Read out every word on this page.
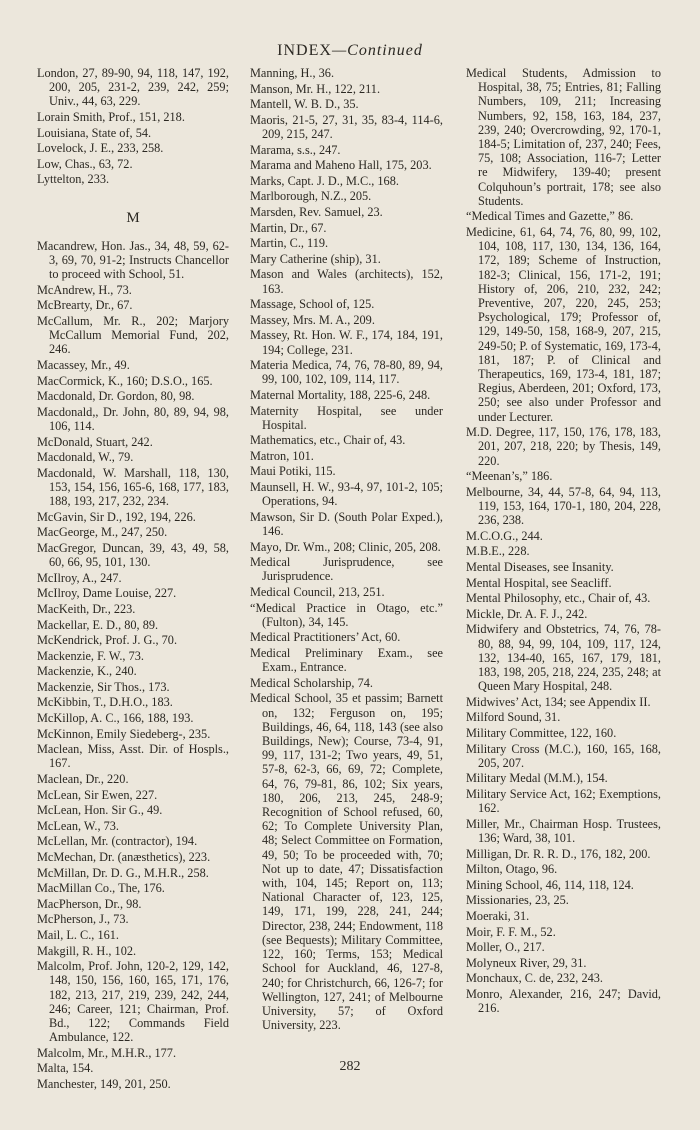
INDEX—Continued

London, 27, 89-90, 94, 118, 147, 192, 200, 205, 231-2, 239, 242, 259; Univ., 44, 63, 229.

Lorain Smith, Prof., 151, 218.

Louisiana, State of, 54.

Lovelock, J. E., 233, 258.

Low, Chas., 63, 72.

Lyttelton, 233.

M

Macandrew, Hon. Jas., 34, 48, 59, 62-3, 69, 70, 91-2; Instructs Chancellor to proceed with School, 51.

McAndrew, H., 73.

McBrearty, Dr., 67.

McCallum, Mr. R., 202; Marjory McCallum Memorial Fund, 202, 246.

Macassey, Mr., 49.

MacCormick, K., 160; D.S.O., 165.

Macdonald, Dr. Gordon, 80, 98.

Macdonald,, Dr. John, 80, 89, 94, 98, 106, 114.

McDonald, Stuart, 242.

Macdonald, W., 79.

Macdonald, W. Marshall, 118, 130, 153, 154, 156, 165-6, 168, 177, 183, 188, 193, 217, 232, 234.

McGavin, Sir D., 192, 194, 226.

MacGeorge, M., 247, 250.

MacGregor, Duncan, 39, 43, 49, 58, 60, 66, 95, 101, 130.

McIlroy, A., 247.

McIlroy, Dame Louise, 227.

MacKeith, Dr., 223.

Mackellar, E. D., 80, 89.

McKendrick, Prof. J. G., 70.

Mackenzie, F. W., 73.

Mackenzie, K., 240.

Mackenzie, Sir Thos., 173.

McKibbin, T., D.H.O., 183.

McKillop, A. C., 166, 188, 193.

McKinnon, Emily Siedeberg-, 235.

Maclean, Miss, Asst. Dir. of Hospls., 167.

Maclean, Dr., 220.

McLean, Sir Ewen, 227.

McLean, Hon. Sir G., 49.

McLean, W., 73.

McLellan, Mr. (contractor), 194.

McMechan, Dr. (anæsthetics), 223.

McMillan, Dr. D. G., M.H.R., 258.

MacMillan Co., The, 176.

MacPherson, Dr., 98.

McPherson, J., 73.

Mail, L. C., 161.

Makgill, R. H., 102.

Malcolm, Prof. John, 120-2, 129, 142, 148, 150, 156, 160, 165, 171, 176, 182, 213, 217, 219, 239, 242, 244, 246; Career, 121; Chairman, Prof. Bd., 122; Commands Field Ambulance, 122.

Malcolm, Mr., M.H.R., 177.

Malta, 154.

Manchester, 149, 201, 250.

Manning, H., 36.

Manson, Mr. H., 122, 211.

Mantell, W. B. D., 35.

Maoris, 21-5, 27, 31, 35, 83-4, 114-6, 209, 215, 247.

Marama, s.s., 247.

Marama and Maheno Hall, 175, 203.

Marks, Capt. J. D., M.C., 168.

Marlborough, N.Z., 205.

Marsden, Rev. Samuel, 23.

Martin, Dr., 67.

Martin, C., 119.

Mary Catherine (ship), 31.

Mason and Wales (architects), 152, 163.

Massage, School of, 125.

Massey, Mrs. M. A., 209.

Massey, Rt. Hon. W. F., 174, 184, 191, 194; College, 231.

Materia Medica, 74, 76, 78-80, 89, 94, 99, 100, 102, 109, 114, 117.

Maternal Mortality, 188, 225-6, 248.

Maternity Hospital, see under Hospital.

Mathematics, etc., Chair of, 43.

Matron, 101.

Maui Potiki, 115.

Maunsell, H. W., 93-4, 97, 101-2, 105; Operations, 94.

Mawson, Sir D. (South Polar Exped.), 146.

Mayo, Dr. Wm., 208; Clinic, 205, 208.

Medical Jurisprudence, see Jurisprudence.

Medical Council, 213, 251.

“Medical Practice in Otago, etc.” (Fulton), 34, 145.

Medical Practitioners’ Act, 60.

Medical Preliminary Exam., see Exam., Entrance.

Medical Scholarship, 74.

Medical School, 35 et passim; Barnett on, 132; Ferguson on, 195; Buildings, 46, 64, 118, 143 (see also Buildings, New); Course, 73-4, 91, 99, 117, 131-2; Two years, 49, 51, 57-8, 62-3, 66, 69, 72; Complete, 64, 76, 79-81, 86, 102; Six years, 180, 206, 213, 245, 248-9; Recognition of School refused, 60, 62; To Complete University Plan, 48; Select Committee on Formation, 49, 50; To be proceeded with, 70; Not up to date, 47; Dissatisfaction with, 104, 145; Report on, 113; National Character of, 123, 125, 149, 171, 199, 228, 241, 244; Director, 238, 244; Endowment, 118 (see Bequests); Military Committee, 122, 160; Terms, 153; Medical School for Auckland, 46, 127-8, 240; for Christchurch, 66, 126-7; for Wellington, 127, 241; of Melbourne University, 57; of Oxford University, 223.

Medical Students, Admission to Hospital, 38, 75; Entries, 81; Falling Numbers, 109, 211; Increasing Numbers, 92, 158, 163, 184, 237, 239, 240; Overcrowding, 92, 170-1, 184-5; Limitation of, 237, 240; Fees, 75, 108; Association, 116-7; Letter re Midwifery, 139-40; present Colquhoun’s portrait, 178; see also Students.

“Medical Times and Gazette,” 86.

Medicine, 61, 64, 74, 76, 80, 99, 102, 104, 108, 117, 130, 134, 136, 164, 172, 189; Scheme of Instruction, 182-3; Clinical, 156, 171-2, 191; History of, 206, 210, 232, 242; Preventive, 207, 220, 245, 253; Psychological, 179; Professor of, 129, 149-50, 158, 168-9, 207, 215, 249-50; P. of Systematic, 169, 173-4, 181, 187; P. of Clinical and Therapeutics, 169, 173-4, 181, 187; Regius, Aberdeen, 201; Oxford, 173, 250; see also under Professor and under Lecturer.

M.D. Degree, 117, 150, 176, 178, 183, 201, 207, 218, 220; by Thesis, 149, 220.

“Meenan’s,” 186.

Melbourne, 34, 44, 57-8, 64, 94, 113, 119, 153, 164, 170-1, 180, 204, 228, 236, 238.

M.C.O.G., 244.

M.B.E., 228.

Mental Diseases, see Insanity.

Mental Hospital, see Seacliff.

Mental Philosophy, etc., Chair of, 43.

Mickle, Dr. A. F. J., 242.

Midwifery and Obstetrics, 74, 76, 78-80, 88, 94, 99, 104, 109, 117, 124, 132, 134-40, 165, 167, 179, 181, 183, 198, 205, 218, 224, 235, 248; at Queen Mary Hospital, 248.

Midwives’ Act, 134; see Appendix II.

Milford Sound, 31.

Military Committee, 122, 160.

Military Cross (M.C.), 160, 165, 168, 205, 207.

Military Medal (M.M.), 154.

Military Service Act, 162; Exemptions, 162.

Miller, Mr., Chairman Hosp. Trustees, 136; Ward, 38, 101.

Milligan, Dr. R. R. D., 176, 182, 200.

Milton, Otago, 96.

Mining School, 46, 114, 118, 124.

Missionaries, 23, 25.

Moeraki, 31.

Moir, F. F. M., 52.

Moller, O., 217.

Molyneux River, 29, 31.

Monchaux, C. de, 232, 243.

Monro, Alexander, 216, 247; David, 216.

282
